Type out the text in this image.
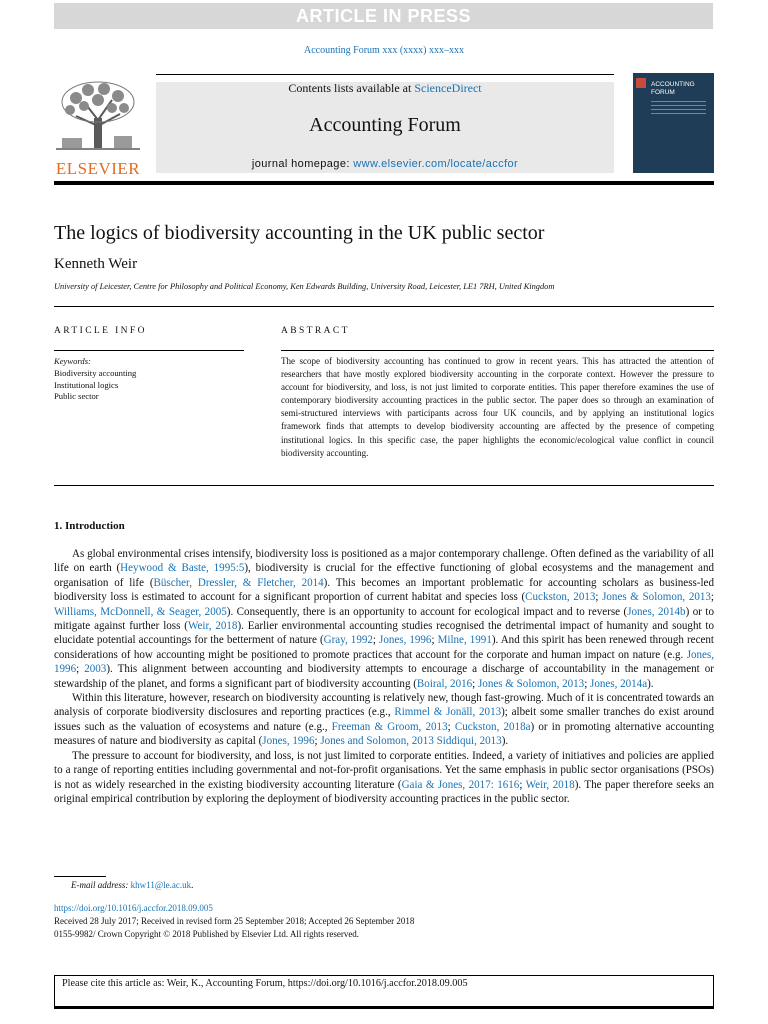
ARTICLE IN PRESS
Accounting Forum xxx (xxxx) xxx–xxx
ELSEVIER
Contents lists available at ScienceDirect
Accounting Forum
journal homepage: www.elsevier.com/locate/accfor
ACCOUNTING FORUM
The logics of biodiversity accounting in the UK public sector
Kenneth Weir
University of Leicester, Centre for Philosophy and Political Economy, Ken Edwards Building, University Road, Leicester, LE1 7RH, United Kingdom
ARTICLE INFO
Keywords:
Biodiversity accounting
Institutional logics
Public sector
ABSTRACT
The scope of biodiversity accounting has continued to grow in recent years. This has attracted the attention of researchers that have mostly explored biodiversity accounting in the corporate context. However the pressure to account for biodiversity, and loss, is not just limited to corporate entities. This paper therefore examines the use of contemporary biodiversity accounting practices in the public sector. The paper does so through an examination of semi-structured interviews with participants across four UK councils, and by applying an institutional logics framework finds that attempts to develop biodiversity accounting are affected by the presence of competing institutional logics. In this specific case, the paper highlights the economic/ecological value conflict in council biodiversity accounting.
1. Introduction

As global environmental crises intensify, biodiversity loss is positioned as a major contemporary challenge. Often defined as the variability of all life on earth (Heywood & Baste, 1995:5), biodiversity is crucial for the effective functioning of global ecosystems and the management and organisation of life (Büscher, Dressler, & Fletcher, 2014). This becomes an important problematic for accounting scholars as business-led biodiversity loss is estimated to account for a significant proportion of current habitat and species loss (Cuckston, 2013; Jones & Solomon, 2013; Williams, McDonnell, & Seager, 2005). Consequently, there is an opportunity to account for ecological impact and to reverse (Jones, 2014b) or to mitigate against further loss (Weir, 2018). Earlier environmental accounting studies recognised the detrimental impact of humanity and sought to elucidate potential accountings for the betterment of nature (Gray, 1992; Jones, 1996; Milne, 1991). And this spirit has been renewed through recent considerations of how accounting might be positioned to promote practices that account for the corporate and human impact on nature (e.g. Jones, 1996; 2003). This alignment between accounting and biodiversity attempts to encourage a discharge of accountability in the management or stewardship of the planet, and forms a significant part of biodiversity accounting (Boiral, 2016; Jones & Solomon, 2013; Jones, 2014a).

Within this literature, however, research on biodiversity accounting is relatively new, though fast-growing. Much of it is concentrated towards an analysis of corporate biodiversity disclosures and reporting practices (e.g., Rimmel & Jonäll, 2013); albeit some smaller tranches do exist around issues such as the valuation of ecosystems and nature (e.g., Freeman & Groom, 2013; Cuckston, 2018a) or in promoting alternative accounting measures of nature and biodiversity as capital (Jones, 1996; Jones and Solomon, 2013 Siddiqui, 2013).

The pressure to account for biodiversity, and loss, is not just limited to corporate entities. Indeed, a variety of initiatives and policies are applied to a range of reporting entities including governmental and not-for-profit organisations. Yet the same emphasis in public sector organisations (PSOs) is not as widely researched in the existing biodiversity accounting literature (Gaia & Jones, 2017: 1616; Weir, 2018). The paper therefore seeks an original empirical contribution by exploring the deployment of biodiversity accounting practices in the public sector.

E-mail address: khw11@le.ac.uk.
https://doi.org/10.1016/j.accfor.2018.09.005
Received 28 July 2017; Received in revised form 25 September 2018; Accepted 26 September 2018
0155-9982/ Crown Copyright © 2018 Published by Elsevier Ltd. All rights reserved.
Please cite this article as: Weir, K., Accounting Forum, https://doi.org/10.1016/j.accfor.2018.09.005
